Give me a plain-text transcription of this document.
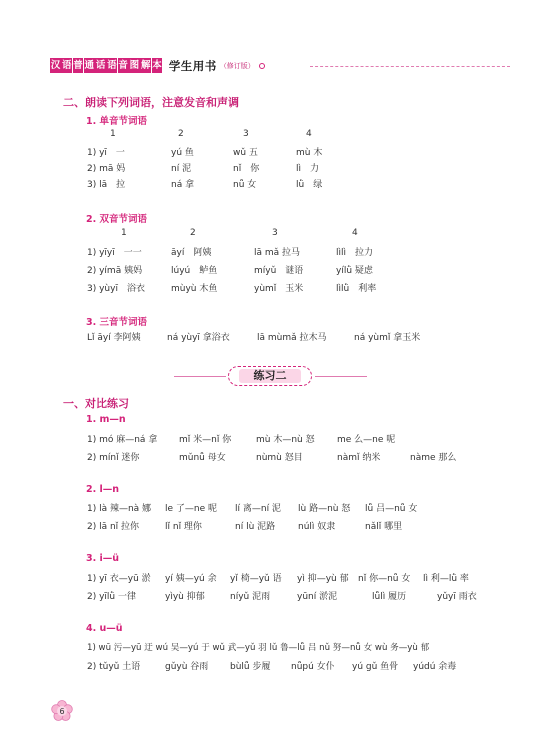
汉 语 普 通 话 语 音 图 解 本 学生用书 （修订版）
二、朗读下列词语，注意发音和声调
1. 单音节词语
1	2	3	4
1) yī　一	yú 鱼	wǔ 五	mù 木
2) mā 妈	ní 泥	nǐ　你	lì　力
3) lā　拉	ná 拿	nǚ 女	lǜ　绿
2. 双音节词语
1	2	3	4
1) yīyī　一一	āyí　阿姨	lā mǎ 拉马	lìlì　拉力
2) yímā 姨妈	lúyú　鲈鱼	míyǔ　谜语	yílǜ 疑虑
3) yùyī　浴衣	mùyù 木鱼	yùmǐ　玉米	lìlǜ　利率
3. 三音节词语
Lǐ āyí 李阿姨	ná yùyī 拿浴衣	lā mùmǎ 拉木马	ná yùmǐ 拿玉米
练习二
一、对比练习
1. m—n
1) mó 麻—ná 拿 mǐ 米—nǐ 你	mù 木—nù 怒 me 么—ne 呢
2) mínǐ 迷你	mǔnǚ 母女	nùmù 怒目	nàmǐ 纳米	nàme 那么
2. l—n
1) là 辣—nà 娜 le 了—ne 呢 lí 离—ní 泥 lù 路—nù 怒 lǚ 吕—nǚ 女
2) lā nǐ 拉你	lǐ nǐ 理你	ní lù 泥路	núlì 奴隶	nǎlǐ 哪里
3. i—ü
1) yī 衣—yū 淤 yí 姨—yú 余 yǐ 椅—yǔ 语 yì 抑—yù 郁 nǐ 你—nǚ 女 lì 利—lǜ 率
2) yīlǜ 一律	yìyù 抑郁	níyǔ 泥雨	yūní 淤泥	lǚlì 履历	yǔyī 雨衣
4. u—ü
1) wū 污—yū 迂 wú 吴—yú 于 wǔ 武—yǔ 羽 lǔ 鲁—lǚ 吕 nǔ 努—nǚ 女 wù 务—yù 郁
2) tǔyǔ 土语	gǔyù 谷雨 bùlǚ 步履 nǚpú 女仆 yú gǔ 鱼骨 yúdú 余毒
6
